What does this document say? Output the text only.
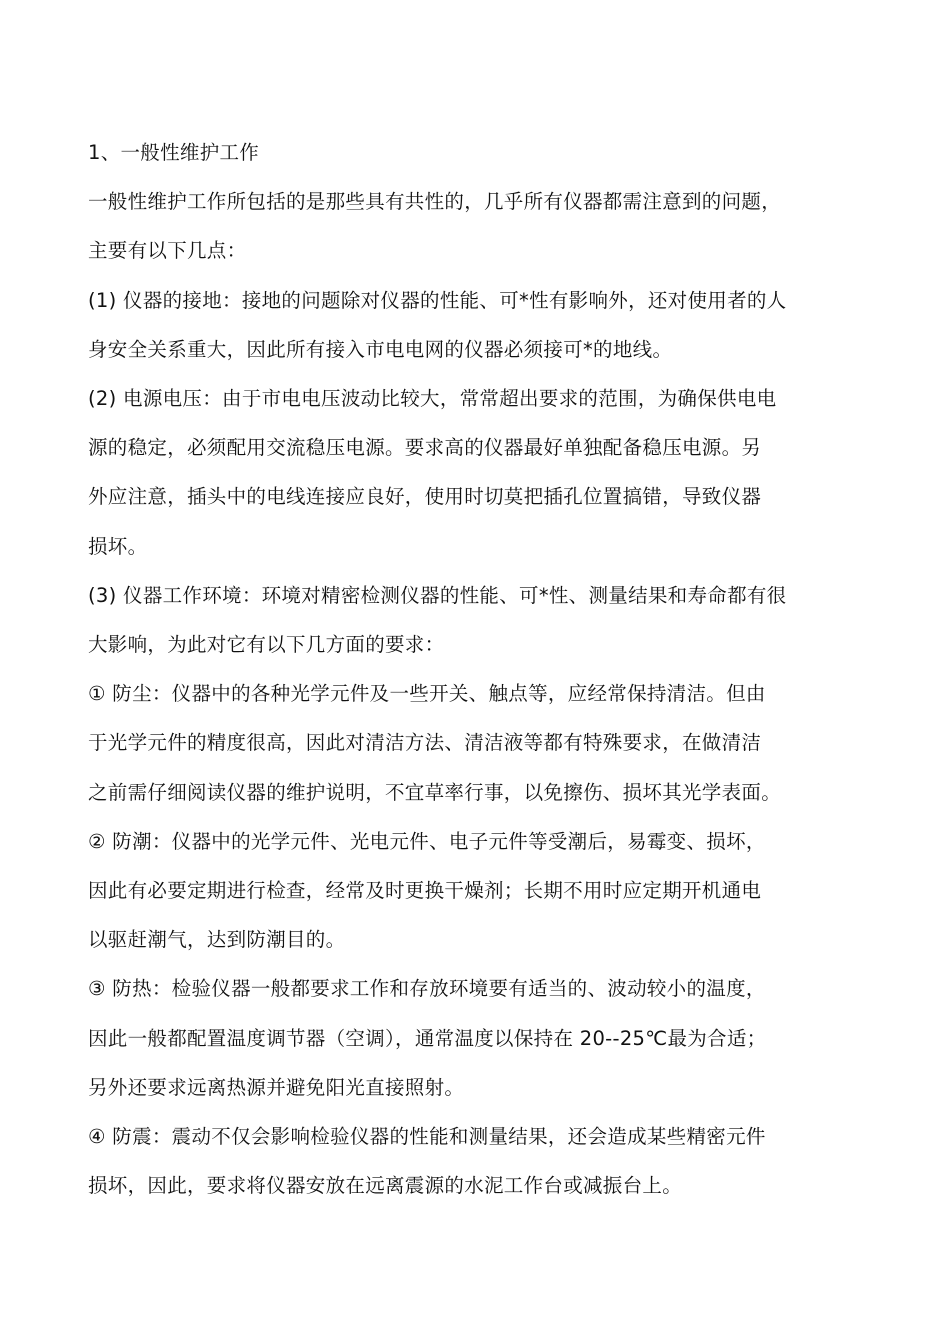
1、一般性维护工作

一般性维护工作所包括的是那些具有共性的，几乎所有仪器都需注意到的问题，

主要有以下几点：

(1) 仪器的接地：接地的问题除对仪器的性能、可*性有影响外，还对使用者的人

身安全关系重大，因此所有接入市电电网的仪器必须接可*的地线。

(2) 电源电压：由于市电电压波动比较大，常常超出要求的范围，为确保供电电

源的稳定，必须配用交流稳压电源。要求高的仪器最好单独配备稳压电源。另

外应注意，插头中的电线连接应良好，使用时切莫把插孔位置搞错，导致仪器

损坏。

(3) 仪器工作环境：环境对精密检测仪器的性能、可*性、测量结果和寿命都有很

大影响，为此对它有以下几方面的要求：

① 防尘：仪器中的各种光学元件及一些开关、触点等，应经常保持清洁。但由

于光学元件的精度很高，因此对清洁方法、清洁液等都有特殊要求，在做清洁

之前需仔细阅读仪器的维护说明，不宜草率行事，以免擦伤、损坏其光学表面。

② 防潮：仪器中的光学元件、光电元件、电子元件等受潮后，易霉变、损坏，

因此有必要定期进行检查，经常及时更换干燥剂；长期不用时应定期开机通电

以驱赶潮气，达到防潮目的。

③ 防热：检验仪器一般都要求工作和存放环境要有适当的、波动较小的温度，

因此一般都配置温度调节器（空调），通常温度以保持在 20--25℃最为合适；

另外还要求远离热源并避免阳光直接照射。

④ 防震：震动不仅会影响检验仪器的性能和测量结果，还会造成某些精密元件

损坏，因此，要求将仪器安放在远离震源的水泥工作台或减振台上。
